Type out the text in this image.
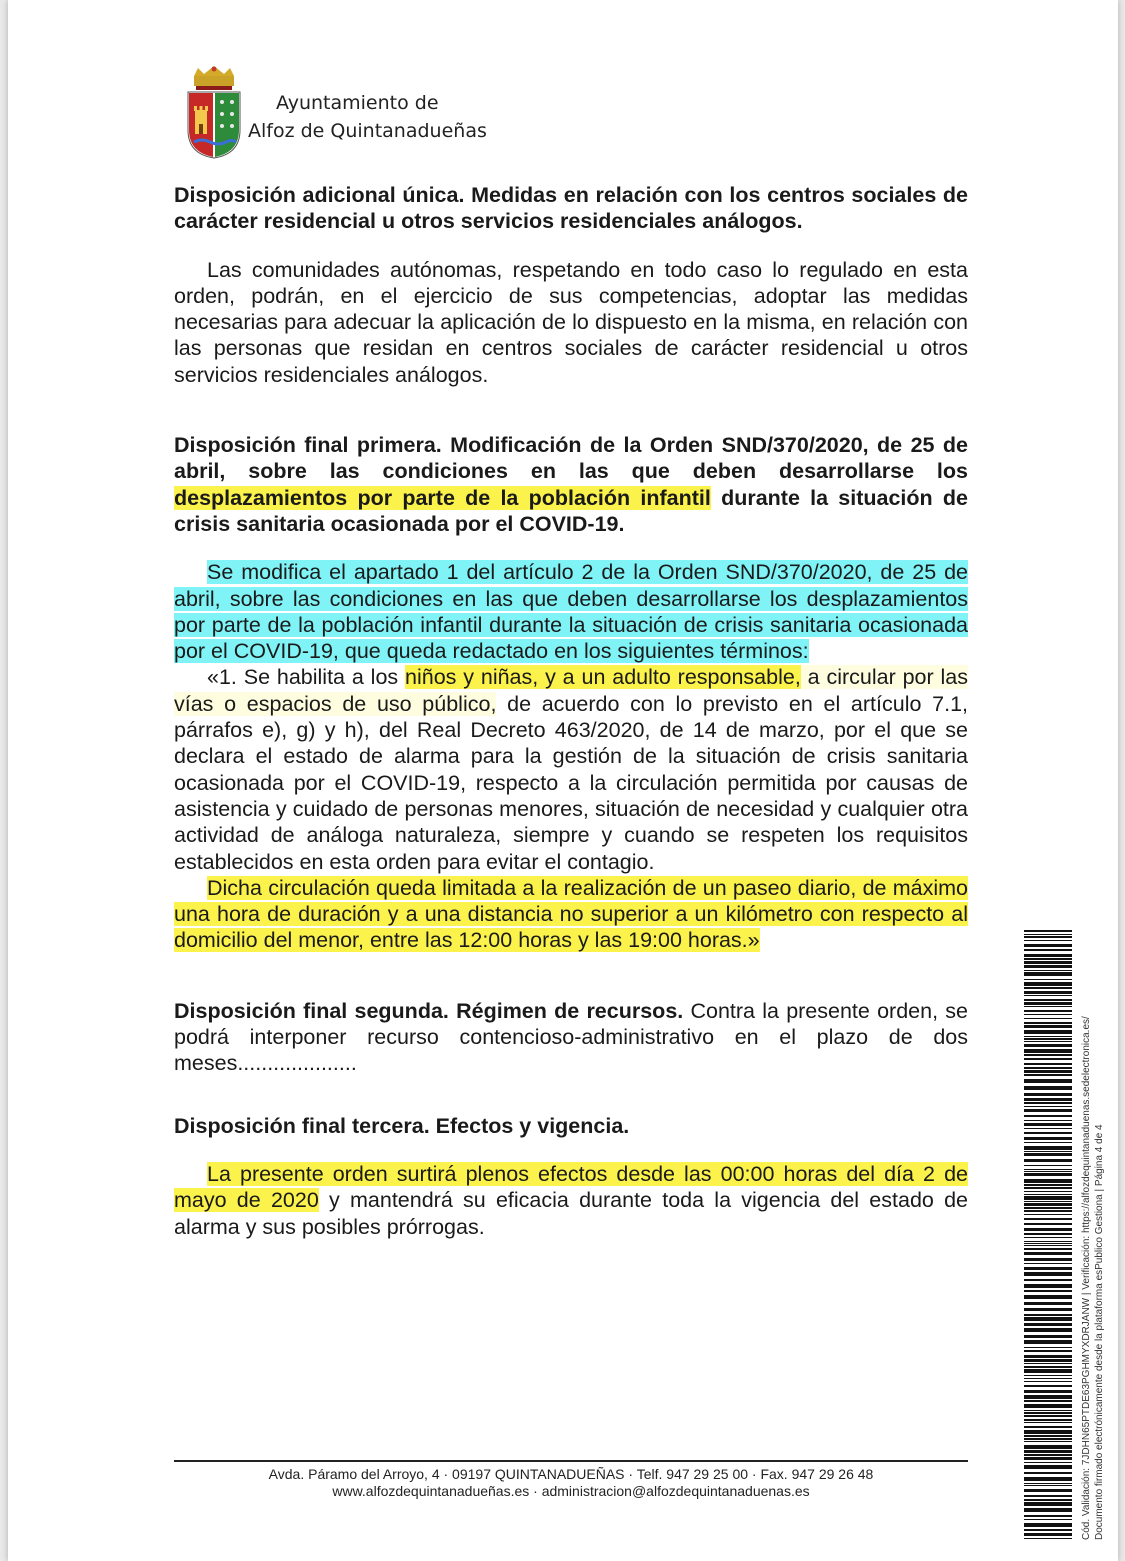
Ayuntamiento de
Alfoz de Quintanadueñas

Disposición adicional única. Medidas en relación con los centros sociales de carácter residencial u otros servicios residenciales análogos.

Las comunidades autónomas, respetando en todo caso lo regulado en esta orden, podrán, en el ejercicio de sus competencias, adoptar las medidas necesarias para adecuar la aplicación de lo dispuesto en la misma, en relación con las personas que residan en centros sociales de carácter residencial u otros servicios residenciales análogos.

Disposición final primera. Modificación de la Orden SND/370/2020, de 25 de abril, sobre las condiciones en las que deben desarrollarse los desplazamientos por parte de la población infantil durante la situación de crisis sanitaria ocasionada por el COVID-19.

Se modifica el apartado 1 del artículo 2 de la Orden SND/370/2020, de 25 de abril, sobre las condiciones en las que deben desarrollarse los desplazamientos por parte de la población infantil durante la situación de crisis sanitaria ocasionada por el COVID-19, que queda redactado en los siguientes términos:

«1. Se habilita a los niños y niñas, y a un adulto responsable, a circular por las vías o espacios de uso público, de acuerdo con lo previsto en el artículo 7.1, párrafos e), g) y h), del Real Decreto 463/2020, de 14 de marzo, por el que se declara el estado de alarma para la gestión de la situación de crisis sanitaria ocasionada por el COVID-19, respecto a la circulación permitida por causas de asistencia y cuidado de personas menores, situación de necesidad y cualquier otra actividad de análoga naturaleza, siempre y cuando se respeten los requisitos establecidos en esta orden para evitar el contagio.

Dicha circulación queda limitada a la realización de un paseo diario, de máximo una hora de duración y a una distancia no superior a un kilómetro con respecto al domicilio del menor, entre las 12:00 horas y las 19:00 horas.»

Disposición final segunda. Régimen de recursos. Contra la presente orden, se podrá interponer recurso contencioso-administrativo en el plazo de dos meses....................

Disposición final tercera. Efectos y vigencia.

La presente orden surtirá plenos efectos desde las 00:00 horas del día 2 de mayo de 2020 y mantendrá su eficacia durante toda la vigencia del estado de alarma y sus posibles prórrogas.

Avda. Páramo del Arroyo, 4 · 09197 QUINTANADUEÑAS · Telf. 947 29 25 00 · Fax. 947 29 26 48
www.alfozdequintanadueñas.es · administracion@alfozdequintanaduenas.es	Cód. Validación: 7JDHN65PTDE63PGHMYXDRJANW | Verificación: https://alfozdequintanaduenas.sedelectronica.es/ Documento firmado electrónicamente desde la plataforma esPublico Gestiona | Página 4 de 4
